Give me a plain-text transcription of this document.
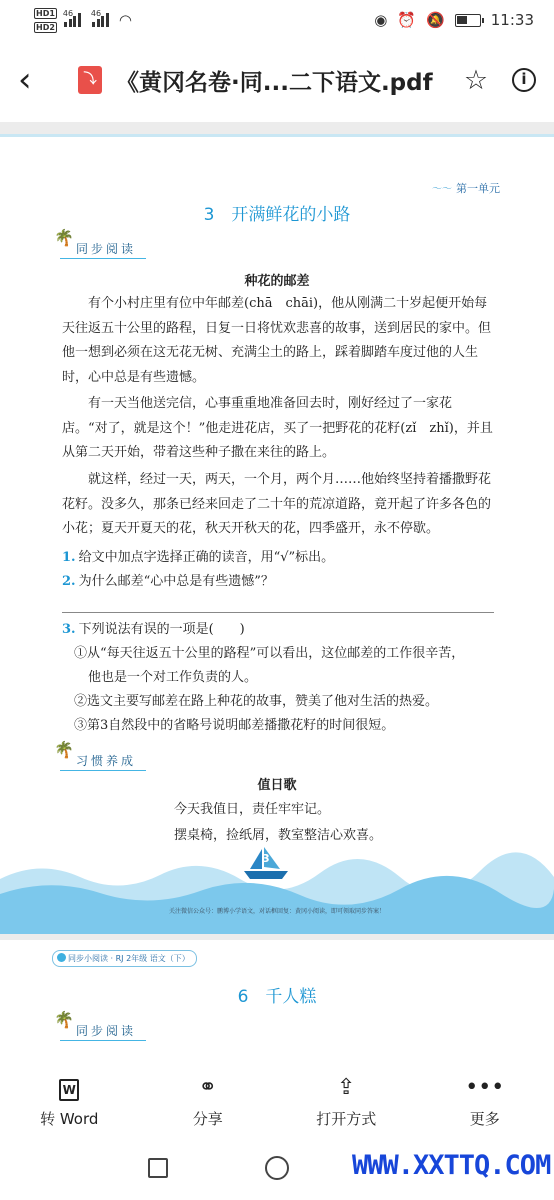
HD1
HD2
46 46 ◠	◉ ⏰ 🔕	11:33
‹	⤵ 《黄冈名卷·同...二下语文.pdf	☆	i
～～ 第一单元
3　开满鲜花的小路
🌴 同步阅读
种花的邮差
有个小村庄里有位中年邮差(chā　chāi)，他从刚满二十岁起便开始每天往返五十公里的路程，日复一日将忧欢悲喜的故事，送到居民的家中。但他一想到必须在这无花无树、充满尘土的路上，踩着脚踏车度过他的人生时，心中总是有些遗憾。
有一天当他送完信，心事重重地准备回去时，刚好经过了一家花店。“对了，就是这个！”他走进花店，买了一把野花的花籽(zǐ　zhǐ)，并且从第二天开始，带着这些种子撒在来往的路上。
就这样，经过一天，两天，一个月，两个月……他始终坚持着播撒野花花籽。没多久，那条已经来回走了二十年的荒凉道路，竟开起了许多各色的小花；夏天开夏天的花，秋天开秋天的花，四季盛开，永不停歇。
1. 给文中加点字选择正确的读音，用“√”标出。
2. 为什么邮差“心中总是有些遗憾”？
3. 下列说法有误的一项是(　　)
①从“每天往返五十公里的路程”可以看出，这位邮差的工作很辛苦，
他也是一个对工作负责的人。
②选文主要写邮差在路上种花的故事，赞美了他对生活的热爱。
③第3自然段中的省略号说明邮差播撒花籽的时间很短。
🌴 习惯养成
值日歌
今天我值日，责任牢牢记。
摆桌椅，捡纸屑，教室整洁心欢喜。
3
关注微信公众号：鹏博小学语文，对话框回复：黄冈小阅读，即可领取同步答案！
同步小阅读 · RJ 2年级 语文（下）
6　千人糕
🌴 同步阅读
W
转 Word
⚭
分享
⇪
打开方式
•••
更多
WWW.XXTTQ.COM
